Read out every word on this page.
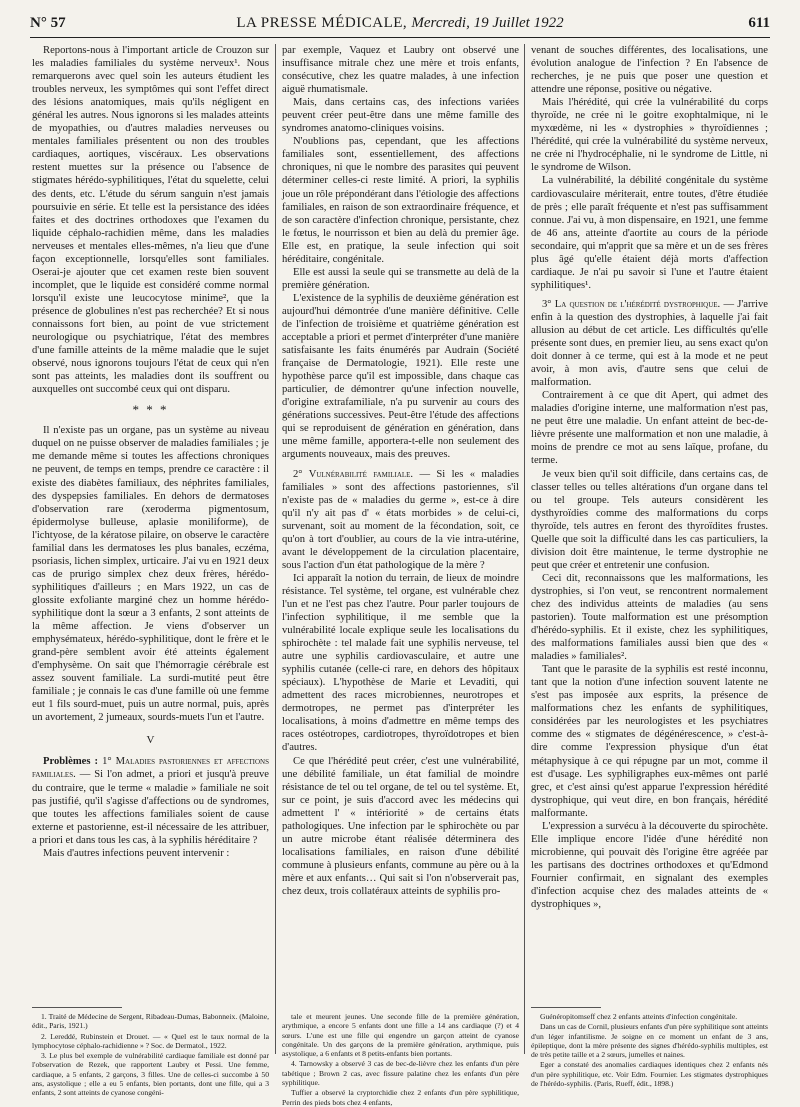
N° 57	LA PRESSE MÉDICALE, Mercredi, 19 Juillet 1922	611

Reportons-nous à l'important article de Crouzon sur les maladies familiales du système nerveux¹. Nous remarquerons avec quel soin les auteurs étudient les troubles nerveux, les symptômes qui sont l'effet direct des lésions anatomiques, mais qu'ils négligent en général les autres. Nous ignorons si les malades atteints de myopathies, ou d'autres maladies nerveuses ou mentales familiales présentent ou non des troubles cardiaques, aortiques, viscéraux. Les observations restent muettes sur la présence ou l'absence de stigmates hérédo-syphilitiques, l'état du squelette, celui des dents, etc. L'étude du sérum sanguin n'est jamais poursuivie en série. Et telle est la persistance des idées faites et des doctrines orthodoxes que l'examen du liquide céphalo-rachidien même, dans les maladies nerveuses et mentales elles-mêmes, n'a lieu que d'une façon exceptionnelle, lorsqu'elles sont familiales. Oserai-je ajouter que cet examen reste bien souvent incomplet, que le liquide est considéré comme normal lorsqu'il existe une leucocytose minime², que la présence de globulines n'est pas recherchée? Et si nous connaissons fort bien, au point de vue strictement neurologique ou psychiatrique, l'état des membres d'une famille atteints de la même maladie que le sujet observé, nous ignorons toujours l'état de ceux qui n'en sont pas atteints, les maladies dont ils souffrent ou auxquelles ont succombé ceux qui ont disparu.

* * *

Il n'existe pas un organe, pas un système au niveau duquel on ne puisse observer de maladies familiales ; je me demande même si toutes les affections chroniques ne peuvent, de temps en temps, prendre ce caractère : il existe des diabètes familiaux, des néphrites familiales, des dyspepsies familiales. En dehors de dermatoses d'observation rare (xeroderma pigmentosum, épidermolyse bulleuse, aplasie moniliforme), de l'ichtyose, de la kératose pilaire, on observe le caractère familial dans les dermatoses les plus banales, eczéma, psoriasis, lichen simplex, urticaire. J'ai vu en 1921 deux cas de prurigo simplex chez deux frères, hérédo-syphilitiques d'ailleurs ; en Mars 1922, un cas de glossite exfoliante marginé chez un homme hérédo-syphilitique dont la sœur a 3 enfants, 2 sont atteints de la même affection. Je viens d'observer un emphysémateux, hérédo-syphilitique, dont le frère et le grand-père semblent avoir été atteints également d'emphysème. On sait que l'hémorragie cérébrale est assez souvent familiale. La surdi-mutité peut être familiale ; je connais le cas d'une famille où une femme eut 1 fils sourd-muet, puis un autre normal, puis, après un avortement, 2 jumeaux, sourds-muets l'un et l'autre.

V

Problèmes : 1° Maladies pastoriennes et affections familiales. — Si l'on admet, a priori et jusqu'à preuve du contraire, que le terme « maladie » familiale ne soit pas justifié, qu'il s'agisse d'affections ou de syndromes, que toutes les affections familiales soient de cause externe et pastorienne, est-il nécessaire de les attribuer, a priori et dans tous les cas, à la syphilis héréditaire ?

Mais d'autres infections peuvent intervenir :

par exemple, Vaquez et Laubry ont observé une insuffisance mitrale chez une mère et trois enfants, consécutive, chez les quatre malades, à une infection aiguë rhumatismale.

Mais, dans certains cas, des infections variées peuvent créer peut-être dans une même famille des syndromes anatomo-cliniques voisins.

N'oublions pas, cependant, que les affections familiales sont, essentiellement, des affections chroniques, ni que le nombre des parasites qui peuvent déterminer celles-ci reste limité. A priori, la syphilis joue un rôle prépondérant dans l'étiologie des affections familiales, en raison de son extraordinaire fréquence, et de son caractère d'infection chronique, persistante, chez le fœtus, le nourrisson et bien au delà du premier âge. Elle est, en pratique, la seule infection qui soit héréditaire, congénitale.

Elle est aussi la seule qui se transmette au delà de la première génération.

L'existence de la syphilis de deuxième génération est aujourd'hui démontrée d'une manière définitive. Celle de l'infection de troisième et quatrième génération est acceptable a priori et permet d'interpréter d'une manière satisfaisante les faits énumérés par Audrain (Société française de Dermatologie, 1921). Elle reste une hypothèse parce qu'il est impossible, dans chaque cas particulier, de démontrer qu'une infection nouvelle, d'origine extrafamiliale, n'a pu survenir au cours des générations successives. Peut-être l'étude des affections qui se reproduisent de génération en génération, dans une même famille, apportera-t-elle non seulement des arguments nouveaux, mais des preuves.

2° Vulnérabilité familiale. — Si les « maladies familiales » sont des affections pastoriennes, s'il n'existe pas de « maladies du germe », est-ce à dire qu'il n'y ait pas d' « états morbides » de celui-ci, survenant, soit au moment de la fécondation, soit, ce qu'on à tort d'oublier, au cours de la vie intra-utérine, avant le développement de la circulation placentaire, sous l'action d'un état pathologique de la mère ?

Ici apparaît la notion du terrain, de lieux de moindre résistance. Tel système, tel organe, est vulnérable chez l'un et ne l'est pas chez l'autre. Pour parler toujours de l'infection syphilitique, il me semble que la vulnérabilité locale explique seule les localisations du sphirochète : tel malade fait une syphilis nerveuse, tel autre une syphilis cardiovasculaire, et autre une syphilis cutanée (celle-ci rare, en dehors des hôpitaux spéciaux). L'hypothèse de Marie et Levaditi, qui admettent des races microbiennes, neurotropes et dermotropes, ne permet pas d'interpréter les localisations, à moins d'admettre en même temps des races ostéotropes, cardiotropes, thyroïdotropes et bien d'autres.

Ce que l'hérédité peut créer, c'est une vulnérabilité, une débilité familiale, un état familial de moindre résistance de tel ou tel organe, de tel ou tel système. Et, sur ce point, je suis d'accord avec les médecins qui admettent l' « intériorité » de certains états pathologiques. Une infection par le sphirochète ou par un autre microbe étant réalisée déterminera des localisations familiales, en raison d'une débilité commune à plusieurs enfants, commune au père ou à la mère et aux enfants… Qui sait si l'on n'observerait pas, chez deux, trois collatéraux atteints de syphilis pro-

venant de souches différentes, des localisations, une évolution analogue de l'infection ? En l'absence de recherches, je ne puis que poser une question et attendre une réponse, positive ou négative.

Mais l'hérédité, qui crée la vulnérabilité du corps thyroïde, ne crée ni le goitre exophtalmique, ni le myxœdème, ni les « dystrophies » thyroïdiennes ; l'hérédité, qui crée la vulnérabilité du système nerveux, ne crée ni l'hydrocéphalie, ni le syndrome de Little, ni le syndrome de Wilson.

La vulnérabilité, la débilité congénitale du système cardiovasculaire mériterait, entre toutes, d'être étudiée de près ; elle paraît fréquente et n'est pas suffisamment connue. J'ai vu, à mon dispensaire, en 1921, une femme de 46 ans, atteinte d'aortite au cours de la période secondaire, qui m'apprit que sa mère et un de ses frères plus âgé qu'elle étaient déjà morts d'affection cardiaque. Je n'ai pu savoir si l'une et l'autre étaient syphilitiques¹.

3° La question de l'hérédité dystrophique. — J'arrive enfin à la question des dystrophies, à laquelle j'ai fait allusion au début de cet article. Les difficultés qu'elle présente sont dues, en premier lieu, au sens exact qu'on doit donner à ce terme, qui est à la mode et ne peut avoir, à mon avis, d'autre sens que celui de malformation.

Contrairement à ce que dit Apert, qui admet des maladies d'origine interne, une malformation n'est pas, ne peut être une maladie. Un enfant atteint de bec-de-lièvre présente une malformation et non une maladie, à moins de prendre ce mot au sens laïque, profane, du terme.

Je veux bien qu'il soit difficile, dans certains cas, de classer telles ou telles altérations d'un organe dans tel ou tel groupe. Tels auteurs considèrent les dysthyroïdies comme des malformations du corps thyroïde, tels autres en feront des thyroïdites frustes. Quelle que soit la difficulté dans les cas particuliers, la division doit être maintenue, le terme dystrophie ne peut que créer et entretenir une confusion.

Ceci dit, reconnaissons que les malformations, les dystrophies, si l'on veut, se rencontrent normalement chez des individus atteints de maladies (au sens pastorien). Toute malformation est une présomption d'hérédo-syphilis. Et il existe, chez les syphilitiques, des malformations familiales aussi bien que des « maladies » familiales².

Tant que le parasite de la syphilis est resté inconnu, tant que la notion d'une infection souvent latente ne s'est pas imposée aux esprits, la présence de malformations chez les enfants de syphilitiques, considérées par les neurologistes et les psychiatres comme des « stigmates de dégénérescence, » c'est-à-dire comme l'expression physique d'un état métaphysique à ce qui répugne par un mot, comme il est d'usage. Les syphiligraphes eux-mêmes ont parlé grec, et c'est ainsi qu'est apparue l'expression hérédité dystrophique, qui veut dire, en bon français, hérédité malformante.

L'expression a survécu à la découverte du spirochète. Elle implique encore l'idée d'une hérédité non microbienne, qui pouvait dès l'origine être agréée par les partisans des doctrines orthodoxes et qu'Edmond Fournier confirmait, en signalant des exemples d'infection acquise chez des malades atteints de « dystrophiques »,

1. Traité de Médecine de Sergent, Ribadeau-Dumas, Babonneix. (Maloine, édit., Paris, 1921.)

2. Lereddé, Rubinstein et Drouet. — « Quel est le taux normal de la lymphocytose céphalo-rachidienne » ? Soc. de Dermatol., 1922.

3. Le plus bel exemple de vulnérabilité cardiaque familiale est donné par l'observation de Rezek, que rapportent Laubry et Pessi. Une femme, cardiaque, a 5 enfants, 2 garçons, 3 filles. Une de celles-ci succombe à 50 ans, asystolique ; elle a eu 5 enfants, bien portants, dont une fille, qui a 3 enfants, 2 sont atteints de cyanose congéni-

tale et meurent jeunes. Une seconde fille de la première génération, arythmique, a encore 5 enfants dont une fille a 14 ans cardiaque (?) et 4 sœurs. L'une est une fille qui engendre un garçon atteint de cyanose congénitale. Un des garçons de la première génération, arythmique, puis asystolique, a 6 enfants et 8 petits-enfants bien portants.

4. Tarnowsky a observé 3 cas de bec-de-lièvre chez les enfants d'un père tabétique ; Brown 2 cas, avec fissure palatine chez les enfants d'un père syphilitique.

Tuffier a observé la cryptorchidie chez 2 enfants d'un père syphilitique, Perrin des pieds bots chez 4 enfants,

Guénéropitomseff chez 2 enfants atteints d'infection congénitale.

Dans un cas de Cornil, plusieurs enfants d'un père syphilitique sont atteints d'un léger infantilisme. Je soigne en ce moment un enfant de 3 ans, épileptique, dont la mère présente des signes d'hérédo-syphilis multiples, est de très petite taille et a 2 sœurs, jumelles et naines.

Eger a constaté des anomalies cardiaques identiques chez 2 enfants nés d'un père syphilitique, etc. Voir Edm. Fournier. Les stigmates dystrophiques de l'hérédo-syphilis. (Paris, Rueff, édit., 1898.)
